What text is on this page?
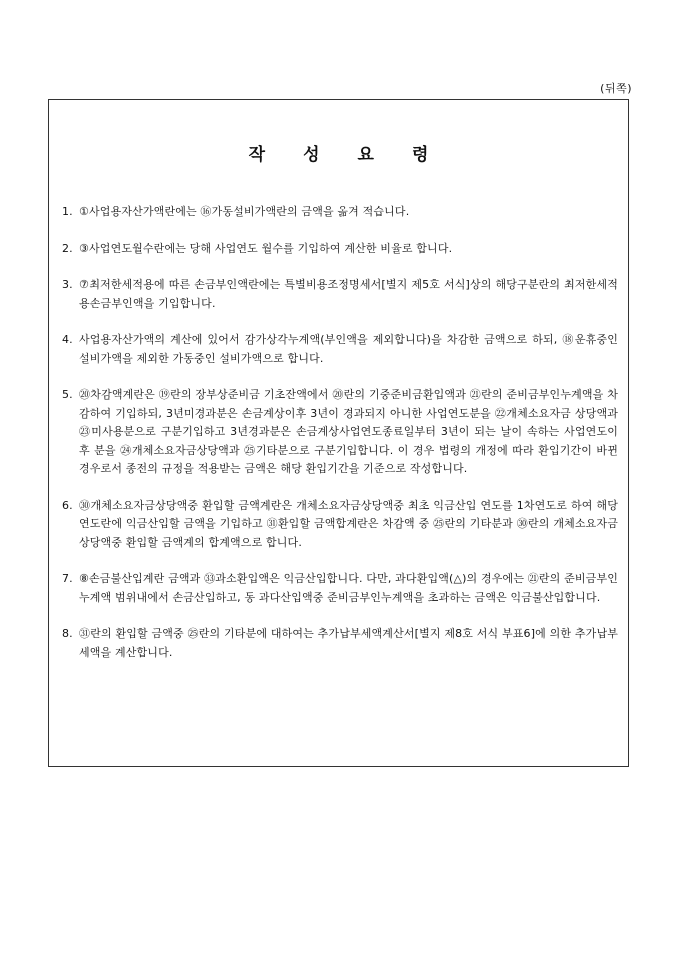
(뒤쪽)
작 성 요 령
1. ①사업용자산가액란에는 ⑯가동설비가액란의 금액을 옮겨 적습니다.
2. ③사업연도월수란에는 당해 사업연도 월수를 기입하여 계산한 비율로 합니다.
3. ⑦최저한세적용에 따른 손금부인액란에는 특별비용조정명세서[별지 제5호 서식]상의 해당구분란의 최저한세적용손금부인액을 기입합니다.
4. 사업용자산가액의 계산에 있어서 감가상각누계액(부인액을 제외합니다)을 차감한 금액으로 하되, ⑱운휴중인 설비가액을 제외한 가동중인 설비가액으로 합니다.
5. ⑳차감액계란은 ⑲란의 장부상준비금 기초잔액에서 ⑳란의 기중준비금환입액과 ㉑란의 준비금부인누계액을 차감하여 기입하되, 3년미경과분은 손금계상이후 3년이 경과되지 아니한 사업연도분을 ㉒개체소요자금 상당액과 ㉓미사용분으로 구분기입하고 3년경과분은 손금계상사업연도종료일부터 3년이 되는 날이 속하는 사업연도이후 분을 ㉔개체소요자금상당액과 ㉕기타분으로 구분기입합니다. 이 경우 법령의 개정에 따라 환입기간이 바뀐 경우로서 종전의 규정을 적용받는 금액은 해당 환입기간을 기준으로 작성합니다.
6. ㉚개체소요자금상당액중 환입할 금액계란은 개체소요자금상당액중 최초 익금산입 연도를 1차연도로 하여 해당연도란에 익금산입할 금액을 기입하고 ㉛환입할 금액합계란은 차감액 중 ㉕란의 기타분과 ㉚란의 개체소요자금상당액중 환입할 금액계의 합계액으로 합니다.
7. ⑧손금불산입계란 금액과 ㉝과소환입액은 익금산입합니다. 다만, 과다환입액(△)의 경우에는 ㉑란의 준비금부인누계액 범위내에서 손금산입하고, 동 과다산입액중 준비금부인누계액을 초과하는 금액은 익금불산입합니다.
8. ㉛란의 환입할 금액중 ㉕란의 기타분에 대하여는 추가납부세액계산서[별지 제8호 서식 부표6]에 의한 추가납부세액을 계산합니다.
